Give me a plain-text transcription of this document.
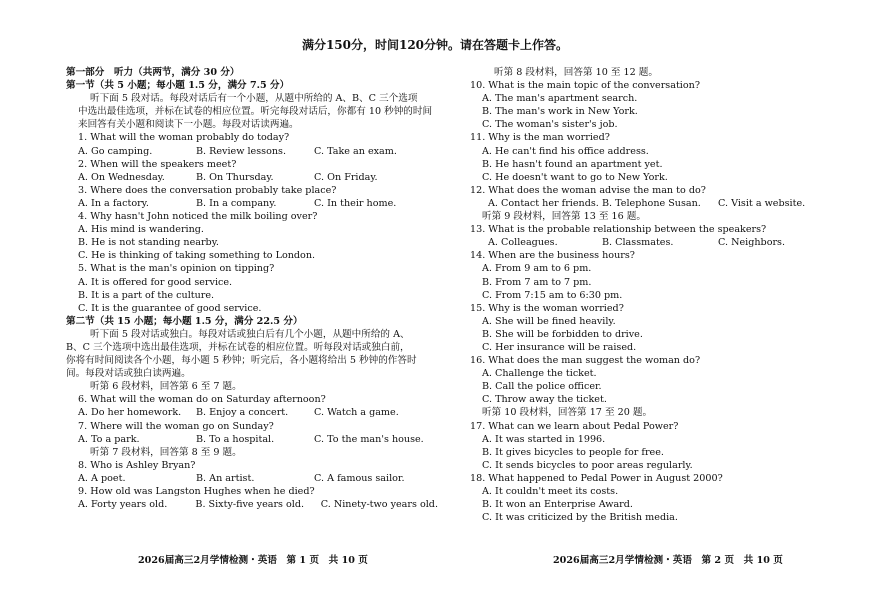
满分150分，时间120分钟。请在答题卡上作答。
第一部分　听力（共两节，满分 30 分）
第一节（共 5 小题；每小题 1.5 分，满分 7.5 分）
听下面 5 段对话。每段对话后有一个小题，从题中所给的 A、B、C 三个选项
中选出最佳选项，并标在试卷的相应位置。听完每段对话后，你都有 10 秒钟的时间
来回答有关小题和阅读下一小题。每段对话读两遍。
1. What will the woman probably do today?
A. Go camping.	B. Review lessons.	C. Take an exam.
2. When will the speakers meet?
A. On Wednesday.	B. On Thursday.	C. On Friday.
3. Where does the conversation probably take place?
A. In a factory.	B. In a company.	C. In their home.
4. Why hasn't John noticed the milk boiling over?
A. His mind is wandering.
B. He is not standing nearby.
C. He is thinking of taking something to London.
5. What is the man's opinion on tipping?
A. It is offered for good service.
B. It is a part of the culture.
C. It is the guarantee of good service.
第二节（共 15 小题；每小题 1.5 分，满分 22.5 分）
听下面 5 段对话或独白。每段对话或独白后有几个小题，从题中所给的 A、
B、C 三个选项中选出最佳选项，并标在试卷的相应位置。听每段对话或独白前，
你将有时间阅读各个小题，每小题 5 秒钟；听完后，各小题将给出 5 秒钟的作答时
间。每段对话或独白读两遍。
听第 6 段材料，回答第 6 至 7 题。
6. What will the woman do on Saturday afternoon?
A. Do her homework.	B. Enjoy a concert.	C. Watch a game.
7. Where will the woman go on Sunday?
A. To a park.	B. To a hospital.	C. To the man's house.
听第 7 段材料，回答第 8 至 9 题。
8. Who is Ashley Bryan?
A. A poet.	B. An artist.	C. A famous sailor.
9. How old was Langston Hughes when he died?
A. Forty years old.	B. Sixty-five years old.	C. Ninety-two years old.
听第 8 段材料，回答第 10 至 12 题。
10. What is the main topic of the conversation?
A. The man's apartment search.
B. The man's work in New York.
C. The woman's sister's job.
11. Why is the man worried?
A. He can't find his office address.
B. He hasn't found an apartment yet.
C. He doesn't want to go to New York.
12. What does the woman advise the man to do?
A. Contact her friends. B. Telephone Susan.	C. Visit a website.
听第 9 段材料，回答第 13 至 16 题。
13. What is the probable relationship between the speakers?
A. Colleagues.	B. Classmates.	C. Neighbors.
14. When are the business hours?
A. From 9 am to 6 pm.
B. From 7 am to 7 pm.
C. From 7:15 am to 6:30 pm.
15. Why is the woman worried?
A. She will be fined heavily.
B. She will be forbidden to drive.
C. Her insurance will be raised.
16. What does the man suggest the woman do?
A. Challenge the ticket.
B. Call the police officer.
C. Throw away the ticket.
听第 10 段材料，回答第 17 至 20 题。
17. What can we learn about Pedal Power?
A. It was started in 1996.
B. It gives bicycles to people for free.
C. It sends bicycles to poor areas regularly.
18. What happened to Pedal Power in August 2000?
A. It couldn't meet its costs.
B. It won an Enterprise Award.
C. It was criticized by the British media.
2026届高三2月学情检测・英语　第 1 页　共 10 页	2026届高三2月学情检测・英语　第 2 页　共 10 页
